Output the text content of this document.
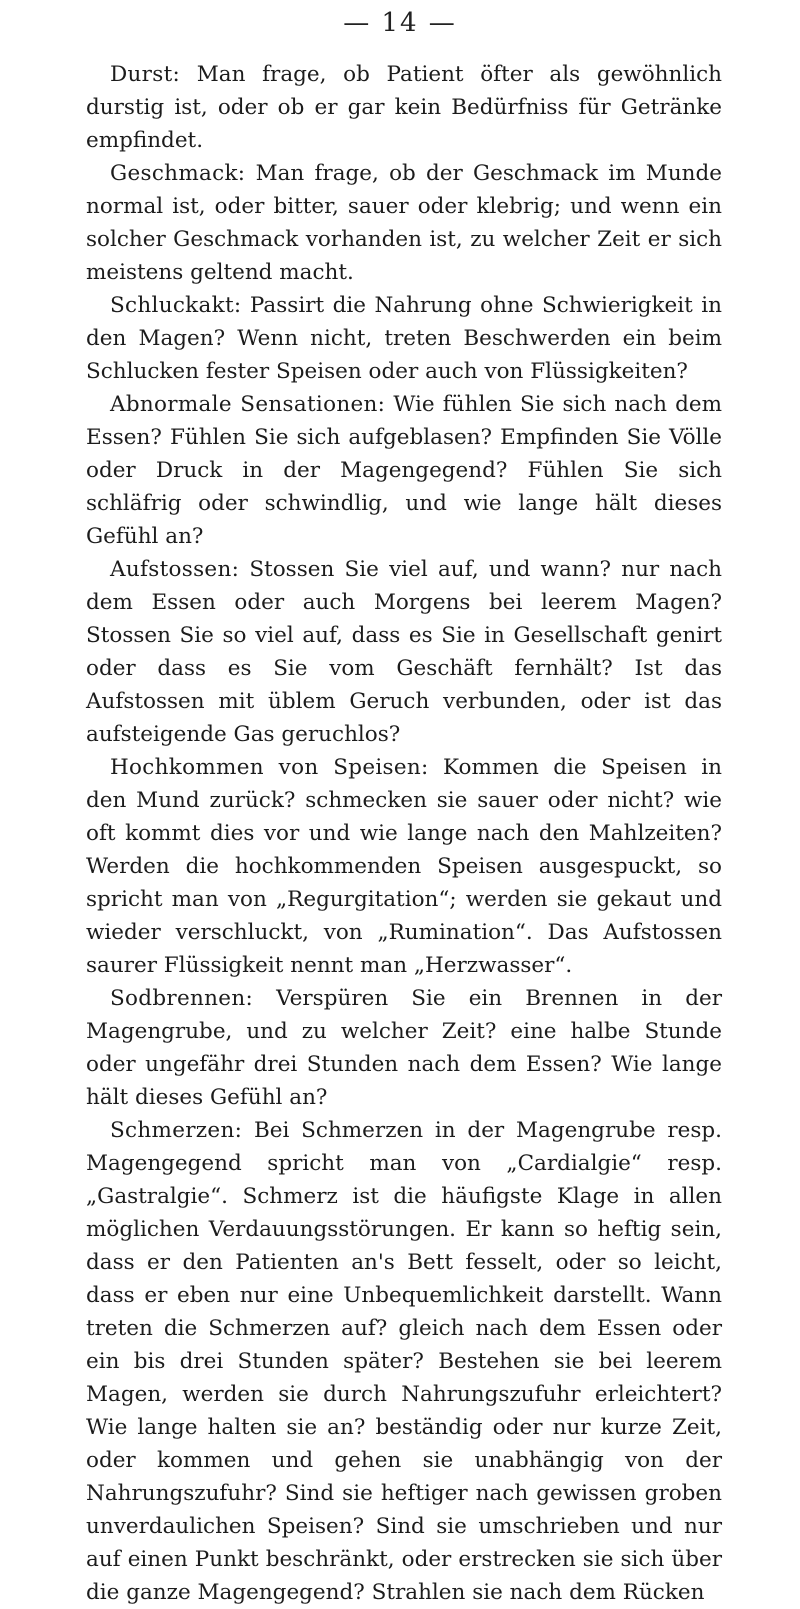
— 14 —

Durst: Man frage, ob Patient öfter als gewöhnlich durstig ist, oder ob er gar kein Bedürfniss für Getränke empfindet.

Geschmack: Man frage, ob der Geschmack im Munde normal ist, oder bitter, sauer oder klebrig; und wenn ein solcher Geschmack vorhanden ist, zu welcher Zeit er sich meistens geltend macht.

Schluckakt: Passirt die Nahrung ohne Schwierigkeit in den Magen? Wenn nicht, treten Beschwerden ein beim Schlucken fester Speisen oder auch von Flüssigkeiten?

Abnormale Sensationen: Wie fühlen Sie sich nach dem Essen? Fühlen Sie sich aufgeblasen? Empfinden Sie Völle oder Druck in der Magengegend? Fühlen Sie sich schläfrig oder schwindlig, und wie lange hält dieses Gefühl an?

Aufstossen: Stossen Sie viel auf, und wann? nur nach dem Essen oder auch Morgens bei leerem Magen? Stossen Sie so viel auf, dass es Sie in Gesellschaft genirt oder dass es Sie vom Geschäft fernhält? Ist das Aufstossen mit üblem Geruch verbunden, oder ist das aufsteigende Gas geruchlos?

Hochkommen von Speisen: Kommen die Speisen in den Mund zurück? schmecken sie sauer oder nicht? wie oft kommt dies vor und wie lange nach den Mahlzeiten? Werden die hochkommenden Speisen ausgespuckt, so spricht man von „Regurgitation“; werden sie gekaut und wieder verschluckt, von „Rumination“. Das Aufstossen saurer Flüssigkeit nennt man „Herzwasser“.

Sodbrennen: Verspüren Sie ein Brennen in der Magengrube, und zu welcher Zeit? eine halbe Stunde oder ungefähr drei Stunden nach dem Essen? Wie lange hält dieses Gefühl an?

Schmerzen: Bei Schmerzen in der Magengrube resp. Magengegend spricht man von „Cardialgie“ resp. „Gastralgie“. Schmerz ist die häufigste Klage in allen möglichen Verdauungsstörungen. Er kann so heftig sein, dass er den Patienten an's Bett fesselt, oder so leicht, dass er eben nur eine Unbequemlichkeit darstellt. Wann treten die Schmerzen auf? gleich nach dem Essen oder ein bis drei Stunden später? Bestehen sie bei leerem Magen, werden sie durch Nahrungszufuhr erleichtert? Wie lange halten sie an? beständig oder nur kurze Zeit, oder kommen und gehen sie unabhängig von der Nahrungszufuhr? Sind sie heftiger nach gewissen groben unverdaulichen Speisen? Sind sie umschrieben und nur auf einen Punkt beschränkt, oder erstrecken sie sich über die ganze Magengegend? Strahlen sie nach dem Rücken
